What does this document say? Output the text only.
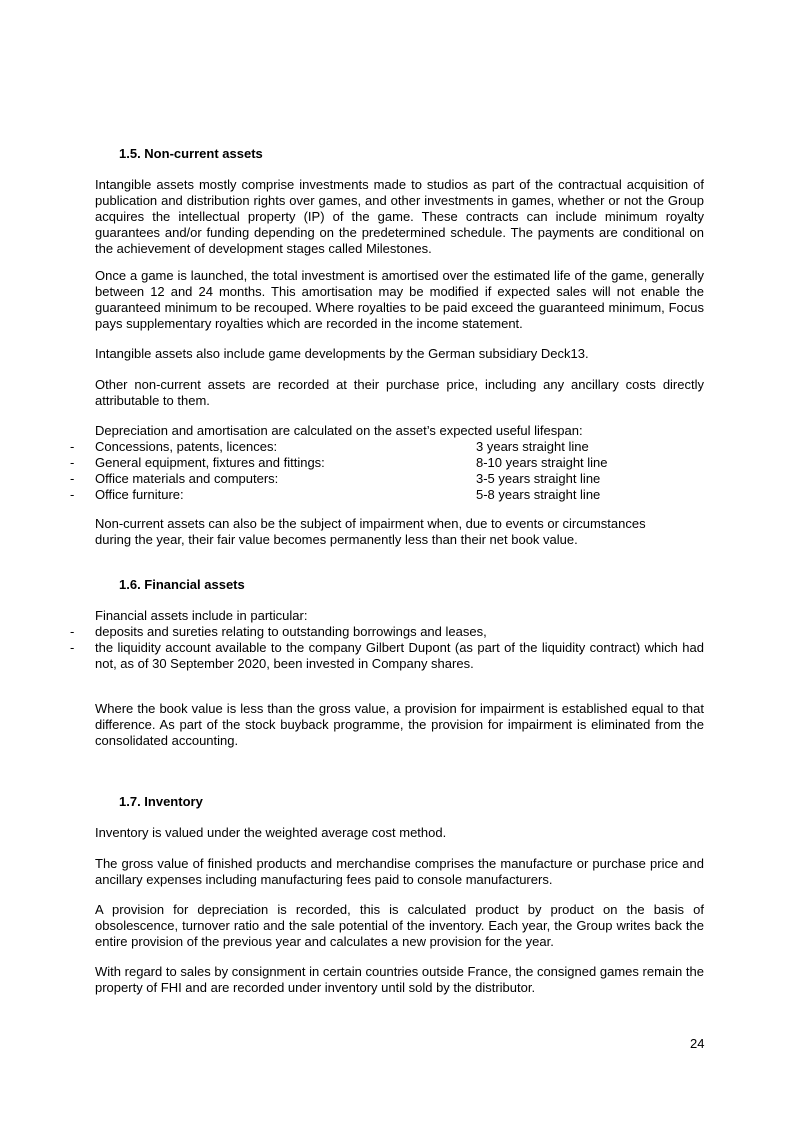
1.5. Non-current assets

Intangible assets mostly comprise investments made to studios as part of the contractual acquisition of publication and distribution rights over games, and other investments in games, whether or not the Group acquires the intellectual property (IP) of the game. These contracts can include minimum royalty guarantees and/or funding depending on the predetermined schedule. The payments are conditional on the achievement of development stages called Milestones.

Once a game is launched, the total investment is amortised over the estimated life of the game, generally between 12 and 24 months. This amortisation may be modified if expected sales will not enable the guaranteed minimum to be recouped. Where royalties to be paid exceed the guaranteed minimum, Focus pays supplementary royalties which are recorded in the income statement.

Intangible assets also include game developments by the German subsidiary Deck13.

Other non-current assets are recorded at their purchase price, including any ancillary costs directly attributable to them.

Depreciation and amortisation are calculated on the asset’s expected useful lifespan:

- Concessions, patents, licences:	3 years straight line
- General equipment, fixtures and fittings:	8-10 years straight line
- Office materials and computers:	3-5 years straight line
- Office furniture:	5-8 years straight line

Non-current assets can also be the subject of impairment when, due to events or circumstances during the year, their fair value becomes permanently less than their net book value.

1.6. Financial assets

Financial assets include in particular:

- deposits and sureties relating to outstanding borrowings and leases,
- the liquidity account available to the company Gilbert Dupont (as part of the liquidity contract) which had not, as of 30 September 2020, been invested in Company shares.

Where the book value is less than the gross value, a provision for impairment is established equal to that difference. As part of the stock buyback programme, the provision for impairment is eliminated from the consolidated accounting.

1.7. Inventory

Inventory is valued under the weighted average cost method.

The gross value of finished products and merchandise comprises the manufacture or purchase price and ancillary expenses including manufacturing fees paid to console manufacturers.

A provision for depreciation is recorded, this is calculated product by product on the basis of obsolescence, turnover ratio and the sale potential of the inventory. Each year, the Group writes back the entire provision of the previous year and calculates a new provision for the year.

With regard to sales by consignment in certain countries outside France, the consigned games remain the property of FHI and are recorded under inventory until sold by the distributor.

24
